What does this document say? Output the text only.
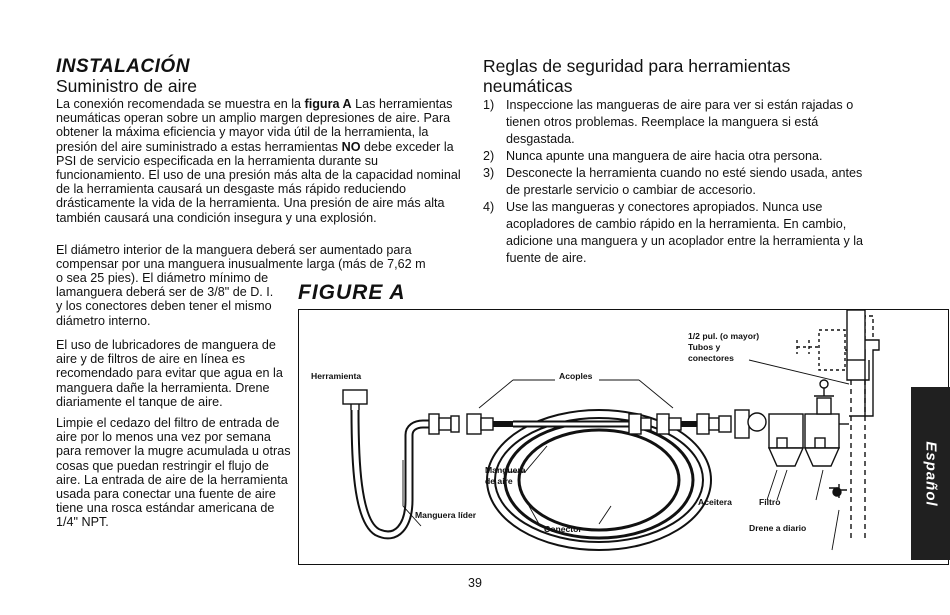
INSTALACIÓN
Suministro de aire

La conexión recomendada se muestra en la figura A Las herramientas neumáticas operan sobre un amplio margen depresiones de aire. Para obtener la máxima eficiencia y mayor vida útil de la herramienta, la presión del aire suministrado a estas herramientas NO debe exceder la PSI de servicio especificada en la herramienta durante su funcionamiento. El uso de una presión más alta de la capacidad nominal de la herramienta causará un desgaste más rápido reduciendo drásticamente la vida de la herramienta. Una presión de aire más alta también causará una condición insegura y una explosión.

El diámetro interior de la manguera deberá ser aumentado para compensar por una manguera inusualmente larga (más de 7,62 m

o sea 25 pies). El diámetro mínimo de lamanguera deberá ser de 3/8" de D. I. y los conectores deben tener el mismo diámetro interno.

El uso de lubricadores de manguera de aire y de filtros de aire en línea es recomendado para evitar que agua en la manguera dañe la herramienta. Drene diariamente el tanque de aire.

Limpie el cedazo del filtro de entrada de aire por lo menos una vez por semana para remover la mugre acumulada u otras cosas que puedan restringir el flujo de aire. La entrada de aire de la herramienta usada para conectar una fuente de aire tiene una rosca estándar americana de 1/4" NPT.

Reglas de seguridad para herramientas neumáticas
1) Inspeccione las mangueras de aire para ver si están rajadas o tienen otros problemas. Reemplace la manguera si está desgastada.
2) Nunca apunte una manguera de aire hacia otra persona.
3) Desconecte la herramienta cuando no esté siendo usada, antes de prestarle servicio o cambiar de accesorio.
4) Use las mangueras y conectores apropiados. Nunca use acopladores de cambio rápido en la herramienta. En cambio, adicione una manguera y un acoplador entre la herramienta y la fuente de aire.
FIGURE A
Herramienta	Acoples
1/2 pul. (o mayor)
Tubos y
conectores
Manguera
de aire
Manguera líder
Conector
Aceitera	Filtro
Drene a diario
39
Español
